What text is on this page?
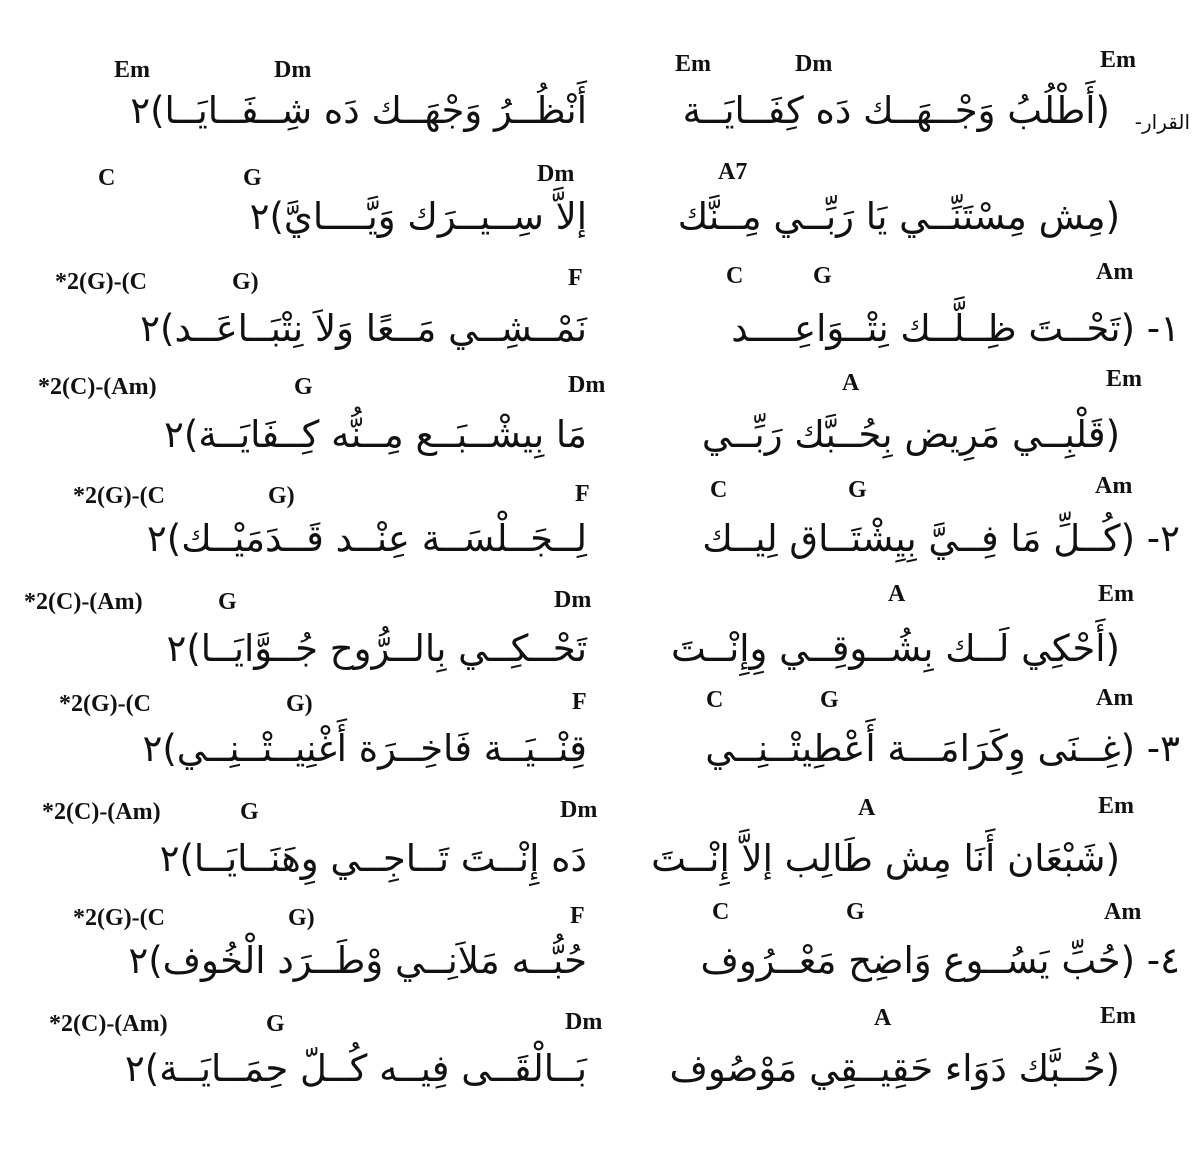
Em	Dm	Em	Dm	Em
أَنْظُــرُ وَجْهَــك دَه شِــفَــايَــا)٢	(أَطْلُبُ وَجْــهَــك دَه كِفَــايَــة	القرار-
C	G	Dm	A7
إلاَّ سِــيــرَك وَيَّــــايَّ)٢	(مِش مِسْتَنِّــي يَا رَبِّــي مِــنَّك
*2(G)-(C	G)	F	C	G	Am
نَمْــشِــي مَــعًا وَلاَ نِتْبَــاعَــد)٢	١- (تَحْــتَ ظِــلَّــك نِتْــوَاعِــــد
*2(C)-(Am)	G	Dm	A	Em
مَا بِيشْــبَــع مِــنُّه كِــفَايَــة)٢	(قَلْبِــي مَرِيض بِحُــبَّك رَبِّــي
*2(G)-(C	G)	F	C	G	Am
لِــجَــلْسَــة عِنْــد قَــدَمَيْــك)٢	٢- (كُــلِّ مَا فِــيَّ بِيِشْتَــاق لِيــك
*2(C)-(Am)	G	Dm	A	Em
تَحْــكِــي بِالــرُّوح جُــوَّايَــا)٢	(أَحْكِي لَــك بِشُــوقِــي وِإِنْــتَ
*2(G)-(C	G)	F	C	G	Am
قِنْــيَــة فَاخِــرَة أَغْنِيــتْــنِــي)٢	٣- (غِــنَى وِكَرَامَـــة أَعْطِيتْــنِــي
*2(C)-(Am)	G	Dm	A	Em
دَه إِنْــتَ تَــاجِــي وِهَنَــايَــا)٢	(شَبْعَان أَنَا مِش طَالِب إلاَّ إِنْــتَ
*2(G)-(C	G)	F	C	G	Am
حُبُّــه مَلاَنِــي وْطَــرَد الْخُوف)٢	٤- (حُبِّ يَسُــوع وَاضِح مَعْــرُوف
*2(C)-(Am)	G	Dm	A	Em
بَــالْقَــى فِيــه كُــلّ حِمَــايَــة)٢	(حُــبَّك دَوَاء حَقِيــقِي مَوْصُوف
